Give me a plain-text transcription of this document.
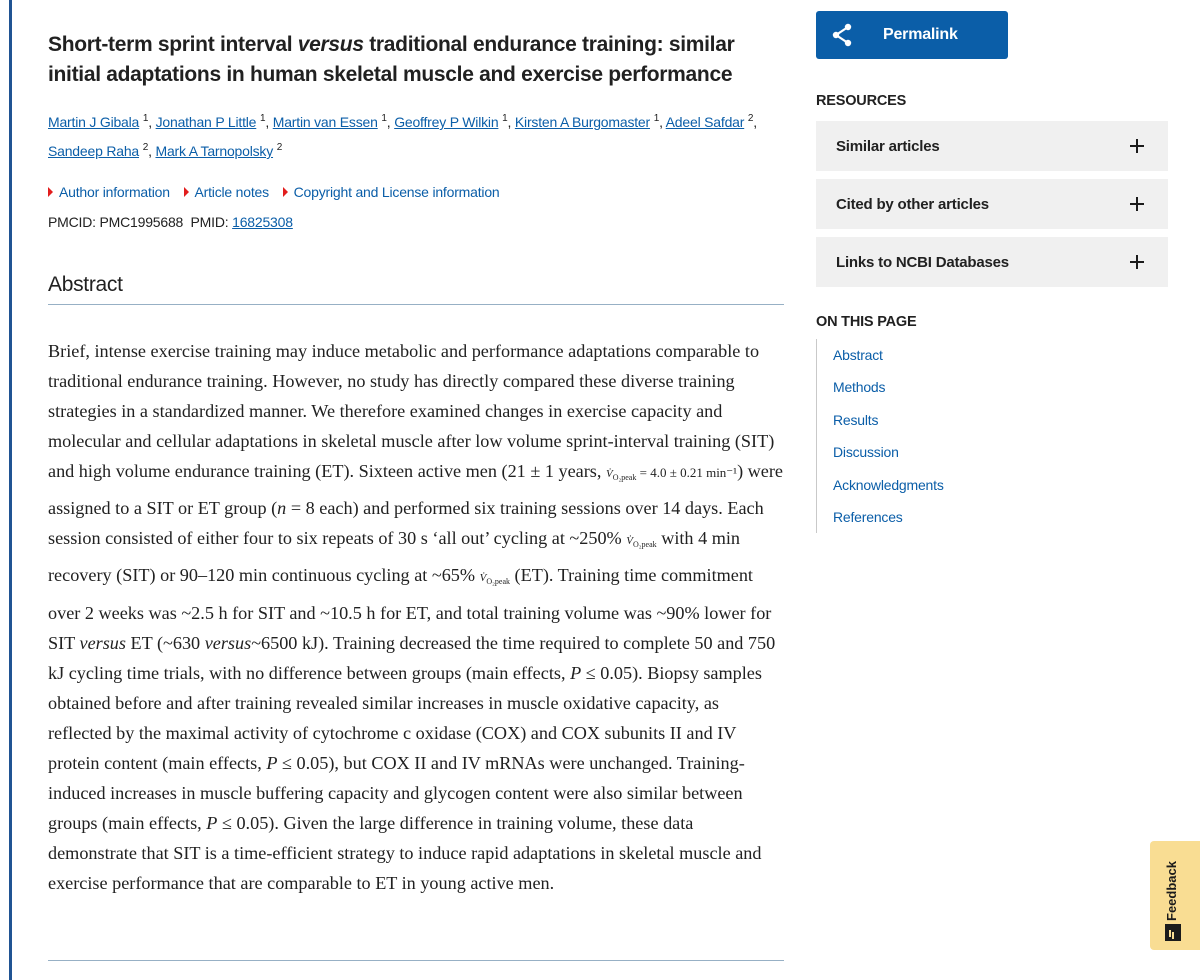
Short-term sprint interval versus traditional endurance training: similar initial adaptations in human skeletal muscle and exercise performance
Martin J Gibala $^1$, Jonathan P Little $^1$, Martin van Essen $^1$, Geoffrey P Wilkin $^1$, Kirsten A Burgomaster $^1$, Adeel Safdar $^2$, Sandeep Raha $^2$, Mark A Tarnopolsky $^2$
Author information
Article notes
Copyright and License information
PMCID: PMC1995688 PMID: 16825308
Abstract

Brief, intense exercise training may induce metabolic and performance adaptations comparable to traditional endurance training. However, no study has directly compared these diverse training strategies in a standardized manner. We therefore examined changes in exercise capacity and molecular and cellular adaptations in skeletal muscle after low volume sprint-interval training (SIT) and high volume endurance training (ET). Sixteen active men (21 ± 1 years, $V̇_{O_2peak} = 4.0 \pm 0.21$ min⁻¹) were assigned to a SIT or ET group (n = 8 each) and performed six training sessions over 14 days. Each session consisted of either four to six repeats of 30 s ‘all out’ cycling at ~250% $V̇_{O_2peak}$ with 4 min recovery (SIT) or 90–120 min continuous cycling at ~65% $V̇_{O_2peak}$ (ET). Training time commitment over 2 weeks was ~2.5 h for SIT and ~10.5 h for ET, and total training volume was ~90% lower for SIT versus ET (~630 versus~6500 kJ). Training decreased the time required to complete 50 and 750 kJ cycling time trials, with no difference between groups (main effects, P ≤ 0.05). Biopsy samples obtained before and after training revealed similar increases in muscle oxidative capacity, as reflected by the maximal activity of cytochrome c oxidase (COX) and COX subunits II and IV protein content (main effects, P ≤ 0.05), but COX II and IV mRNAs were unchanged. Training-induced increases in muscle buffering capacity and glycogen content were also similar between groups (main effects, P ≤ 0.05). Given the large difference in training volume, these data demonstrate that SIT is a time-efficient strategy to induce rapid adaptations in skeletal muscle and exercise performance that are comparable to ET in young active men.

Permalink
RESOURCES
Similar articles
Cited by other articles
Links to NCBI Databases
ON THIS PAGE
Abstract
Methods
Results
Discussion
Acknowledgments
References
Feedback
